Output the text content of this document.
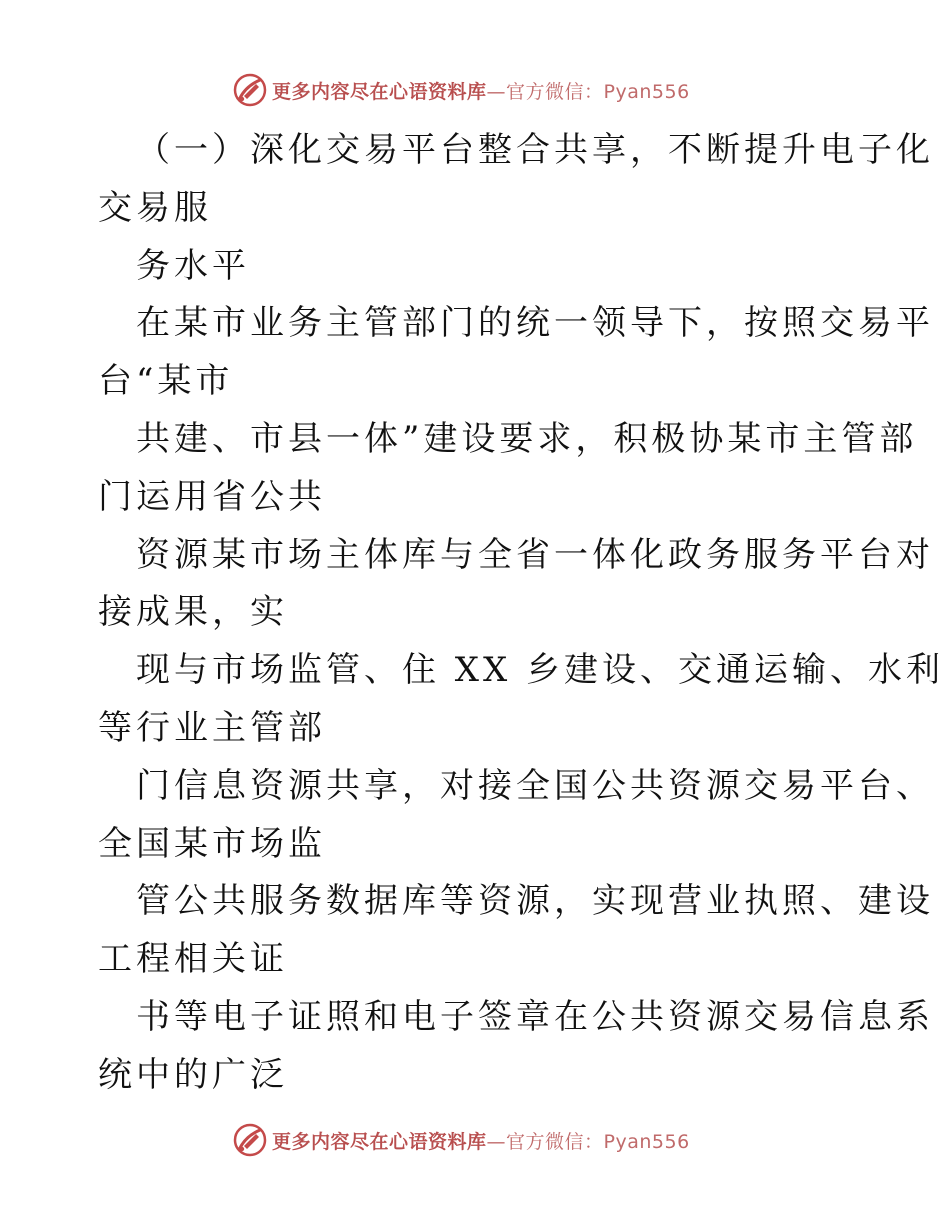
更多内容尽在心语资料库—官方微信：Pyan556
（一）深化交易平台整合共享，不断提升电子化
交易服
务水平
在某市业务主管部门的统一领导下，按照交易平
台“某市
共建、市县一体”建设要求，积极协某市主管部
门运用省公共
资源某市场主体库与全省一体化政务服务平台对
接成果，实
现与市场监管、住 XX 乡建设、交通运输、水利
等行业主管部
门信息资源共享，对接全国公共资源交易平台、
全国某市场监
管公共服务数据库等资源，实现营业执照、建设
工程相关证
书等电子证照和电子签章在公共资源交易信息系
统中的广泛
更多内容尽在心语资料库—官方微信：Pyan556
